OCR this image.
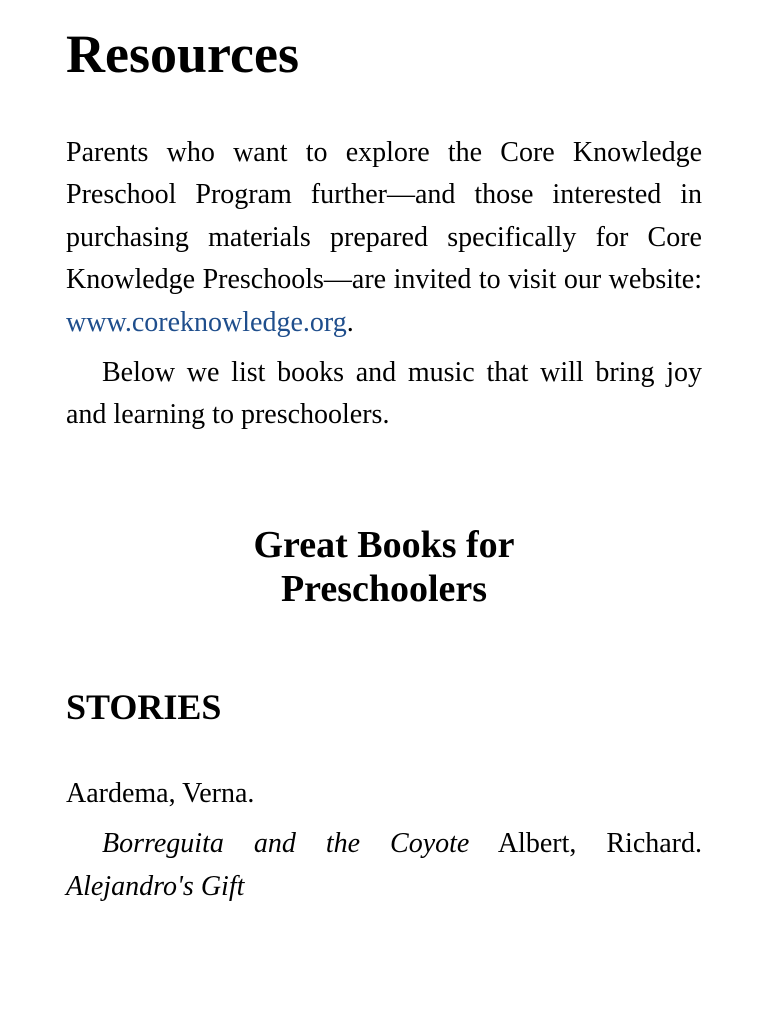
Resources

Parents who want to explore the Core Knowledge Preschool Program further—and those interested in purchasing materials prepared specifically for Core Knowledge Preschools—are invited to visit our website: www.coreknowledge.org.

Below we list books and music that will bring joy and learning to preschoolers.

Great Books for
Preschoolers
STORIES

Aardema, Verna.

Borreguita and the Coyote Albert, Richard. Alejandro's Gift
